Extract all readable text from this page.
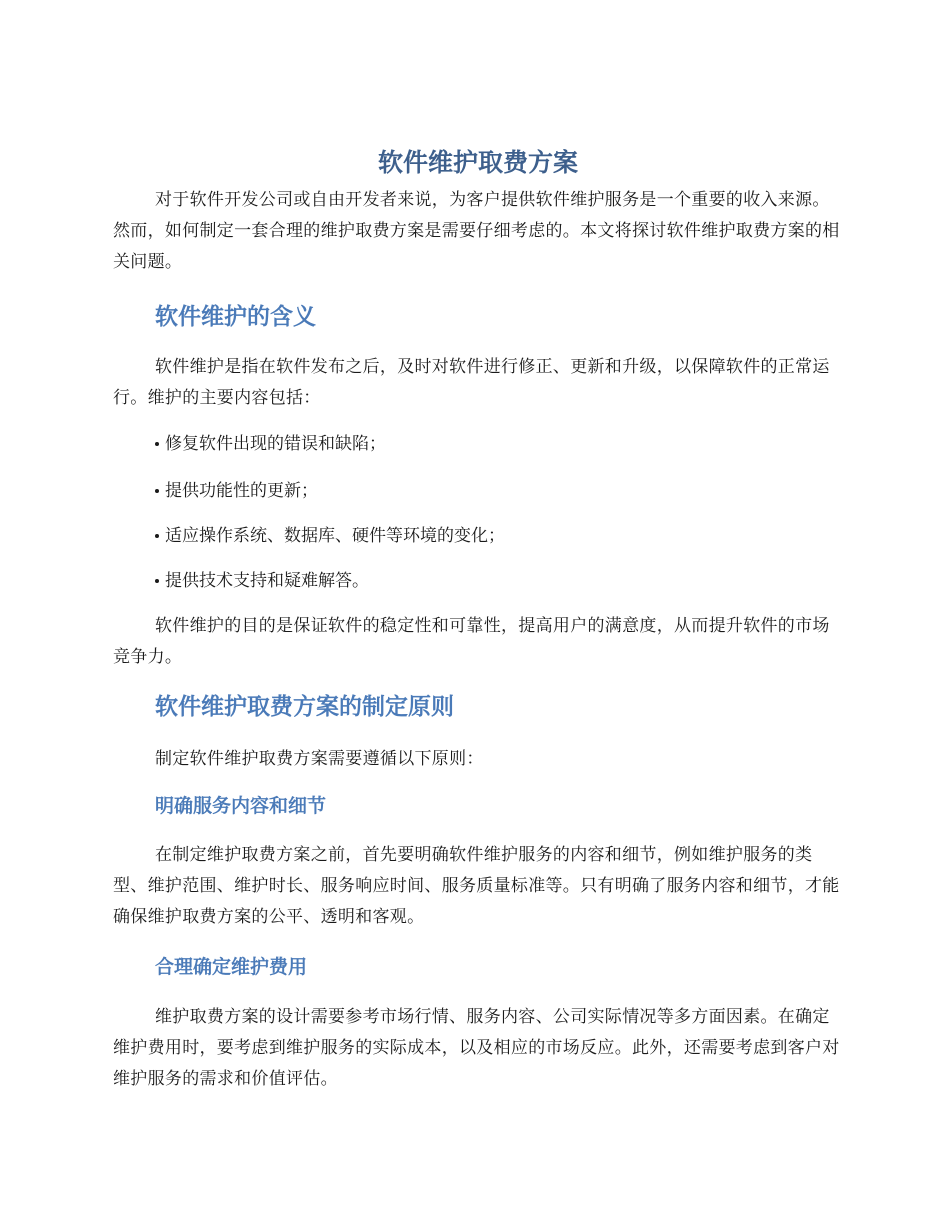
软件维护取费方案

对于软件开发公司或自由开发者来说，为客户提供软件维护服务是一个重要的收入来源。然而，如何制定一套合理的维护取费方案是需要仔细考虑的。本文将探讨软件维护取费方案的相关问题。

软件维护的含义

软件维护是指在软件发布之后，及时对软件进行修正、更新和升级，以保障软件的正常运行。维护的主要内容包括：

修复软件出现的错误和缺陷；
提供功能性的更新；
适应操作系统、数据库、硬件等环境的变化；
提供技术支持和疑难解答。

软件维护的目的是保证软件的稳定性和可靠性，提高用户的满意度，从而提升软件的市场竞争力。

软件维护取费方案的制定原则

制定软件维护取费方案需要遵循以下原则：

明确服务内容和细节

在制定维护取费方案之前，首先要明确软件维护服务的内容和细节，例如维护服务的类型、维护范围、维护时长、服务响应时间、服务质量标准等。只有明确了服务内容和细节，才能确保维护取费方案的公平、透明和客观。

合理确定维护费用

维护取费方案的设计需要参考市场行情、服务内容、公司实际情况等多方面因素。在确定维护费用时，要考虑到维护服务的实际成本，以及相应的市场反应。此外，还需要考虑到客户对维护服务的需求和价值评估。
